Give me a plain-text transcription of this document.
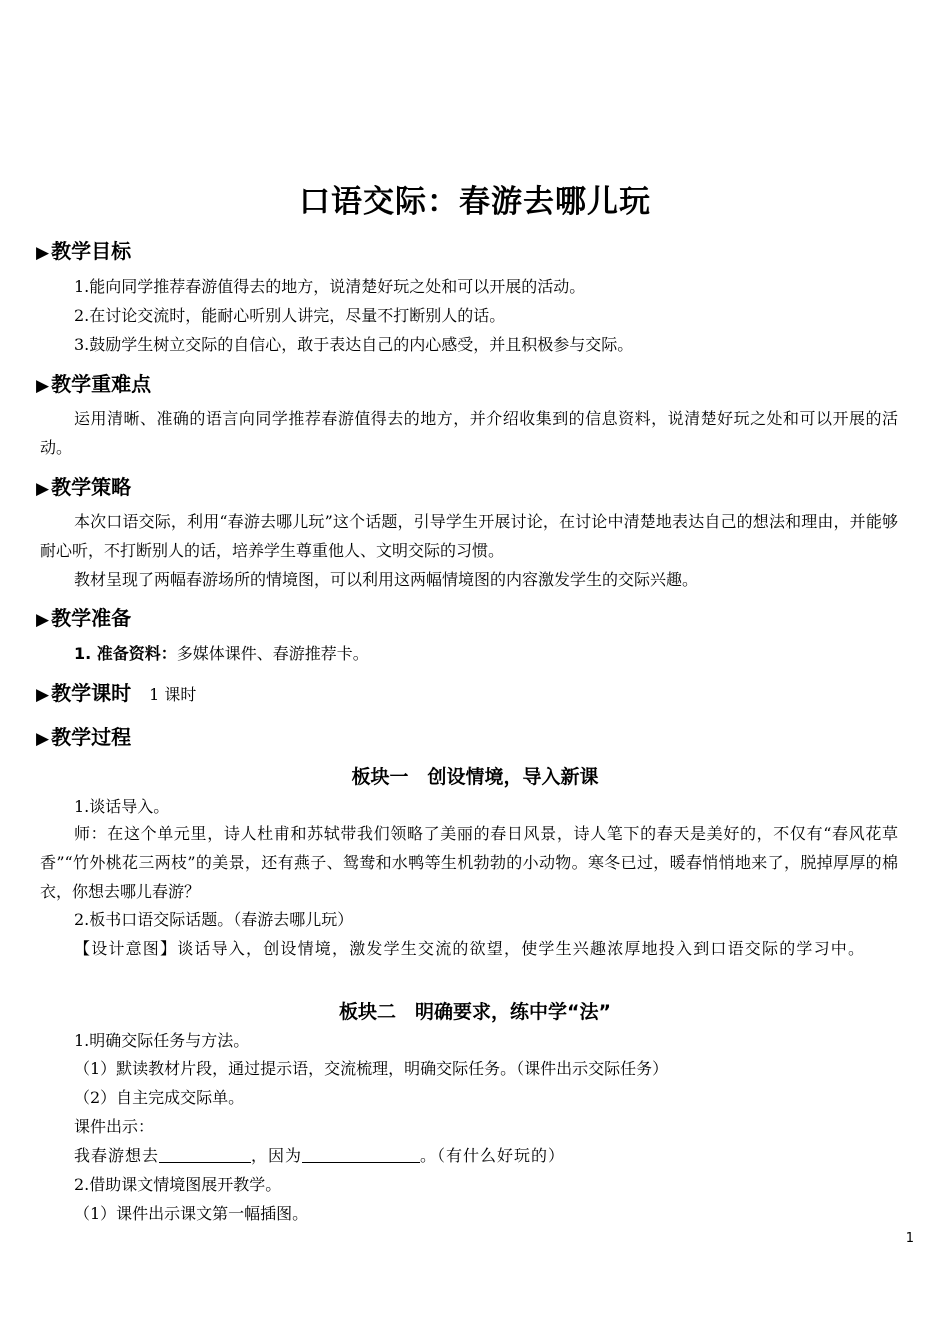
口语交际：春游去哪儿玩
▶ 教学目标
1.能向同学推荐春游值得去的地方，说清楚好玩之处和可以开展的活动。
2.在讨论交流时，能耐心听别人讲完，尽量不打断别人的话。
3.鼓励学生树立交际的自信心，敢于表达自己的内心感受，并且积极参与交际。
▶ 教学重难点
运用清晰、准确的语言向同学推荐春游值得去的地方，并介绍收集到的信息资料，说清楚好玩之处和可以开展的活动。
▶ 教学策略
本次口语交际，利用“春游去哪儿玩”这个话题，引导学生开展讨论，在讨论中清楚地表达自己的想法和理由，并能够耐心听，不打断别人的话，培养学生尊重他人、文明交际的习惯。
教材呈现了两幅春游场所的情境图，可以利用这两幅情境图的内容激发学生的交际兴趣。
▶ 教学准备
1. 准备资料：多媒体课件、春游推荐卡。
▶ 教学课时 1 课时
▶ 教学过程
板块一　创设情境，导入新课
1.谈话导入。
师：在这个单元里，诗人杜甫和苏轼带我们领略了美丽的春日风景，诗人笔下的春天是美好的，不仅有“春风花草香”“竹外桃花三两枝”的美景，还有燕子、鸳鸯和水鸭等生机勃勃的小动物。寒冬已过，暖春悄悄地来了，脱掉厚厚的棉衣，你想去哪儿春游？
2.板书口语交际话题。（春游去哪儿玩）
【设计意图】谈话导入，创设情境，激发学生交流的欲望，使学生兴趣浓厚地投入到口语交际的学习中。
板块二　明确要求，练中学“法”
1.明确交际任务与方法。
（1）默读教材片段，通过提示语，交流梳理，明确交际任务。（课件出示交际任务）
（2）自主完成交际单。
课件出示：
我春游想去	，因为	。（有什么好玩的）
2.借助课文情境图展开教学。
（1）课件出示课文第一幅插图。
1
